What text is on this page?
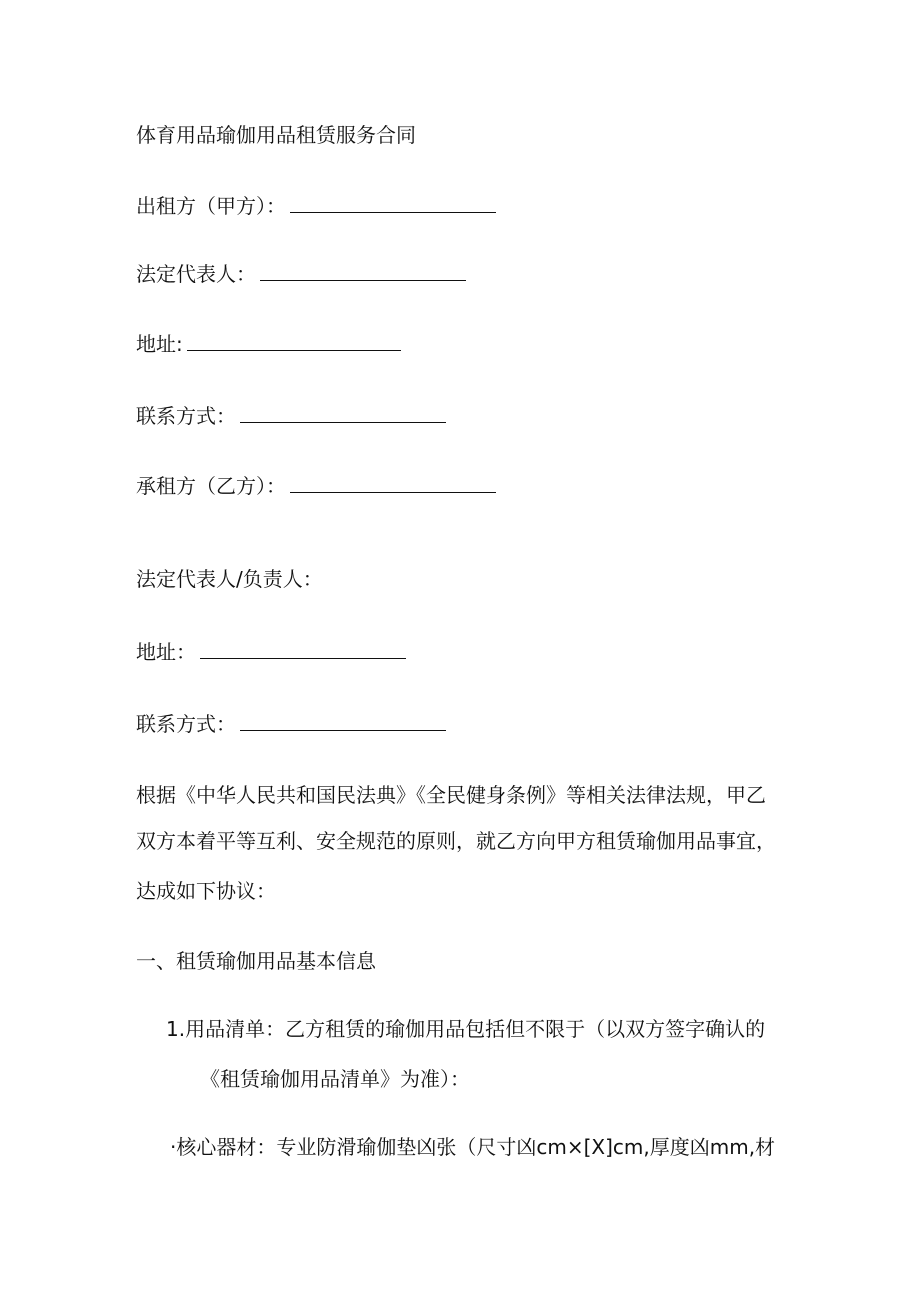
体育用品瑜伽用品租赁服务合同
出租方（甲方）：
法定代表人：
地址:
联系方式：
承租方（乙方）：
法定代表人/负责人：
地址：
联系方式：
根据《中华人民共和国民法典》《全民健身条例》等相关法律法规，甲乙
双方本着平等互利、安全规范的原则，就乙方向甲方租赁瑜伽用品事宜，
达成如下协议：
一、租赁瑜伽用品基本信息
1.用品清单：乙方租赁的瑜伽用品包括但不限于（以双方签字确认的
《租赁瑜伽用品清单》为准）：
·核心器材：专业防滑瑜伽垫凶张（尺寸凶cm×[X]cm,厚度凶mm,材
